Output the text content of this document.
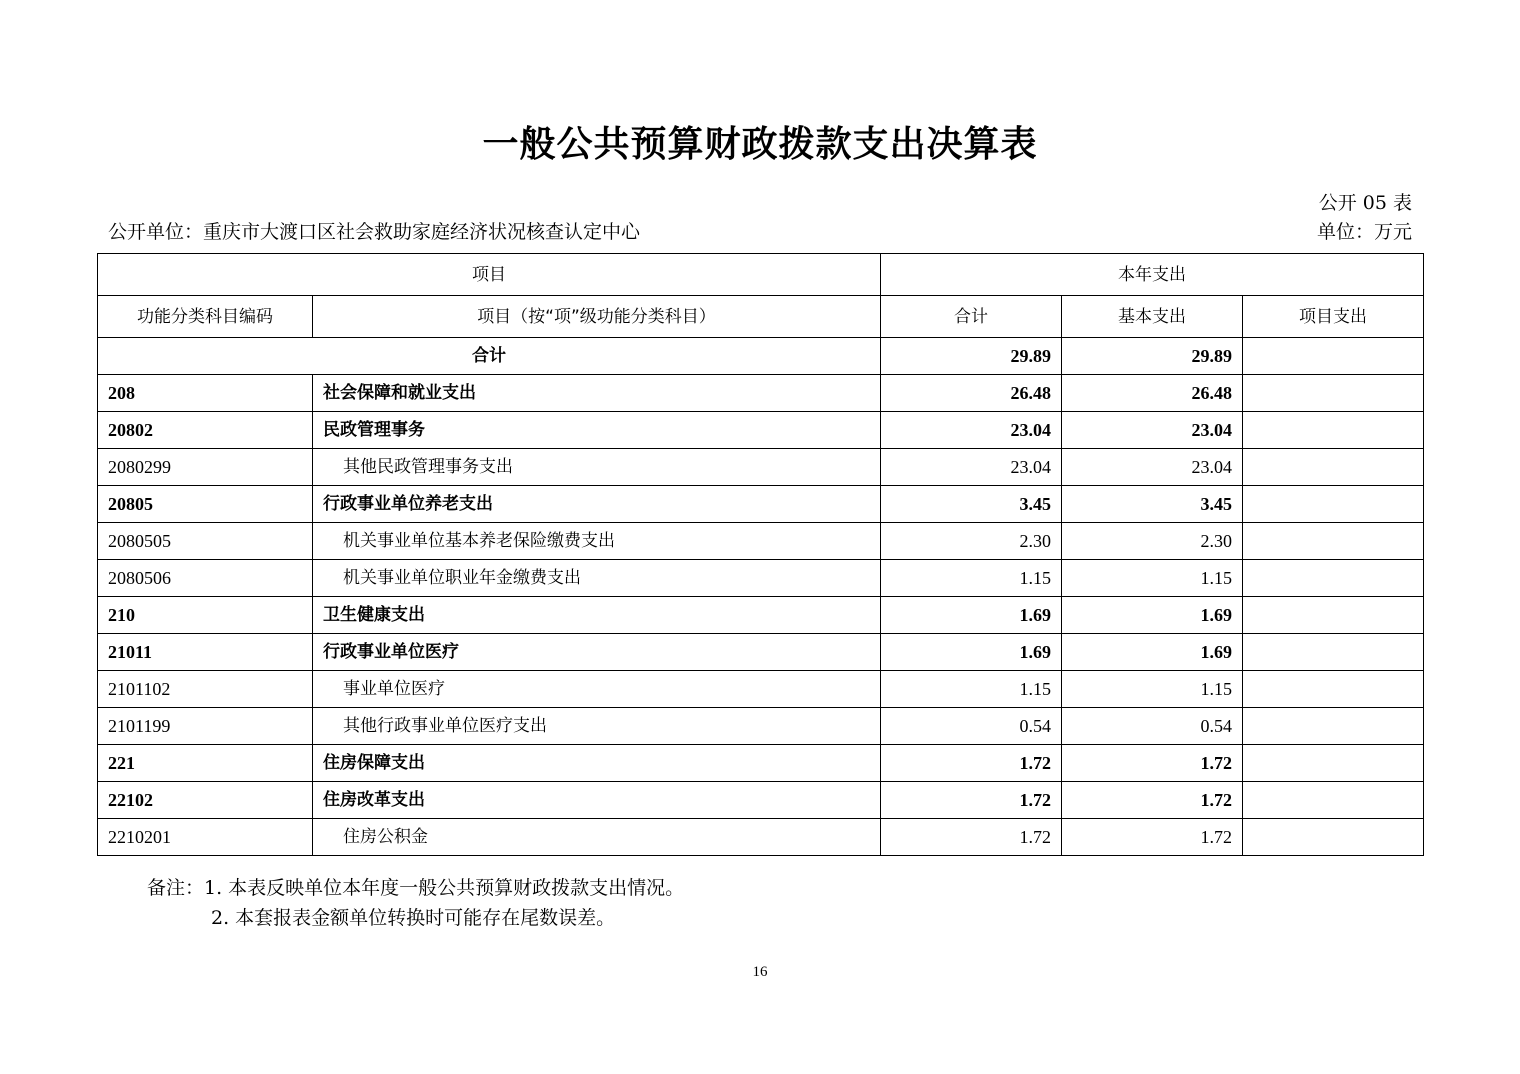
一般公共预算财政拨款支出决算表
公开 05 表
公开单位：重庆市大渡口区社会救助家庭经济状况核查认定中心	单位：万元
项目		本年支出		
功能分类科目编码	项目（按“项”级功能分类科目）	合计	基本支出	项目支出
合计		29.89	29.89	
208	社会保障和就业支出	26.48	26.48	
20802	民政管理事务	23.04	23.04	
2080299	其他民政管理事务支出	23.04	23.04	
20805	行政事业单位养老支出	3.45	3.45	
2080505	机关事业单位基本养老保险缴费支出	2.30	2.30	
2080506	机关事业单位职业年金缴费支出	1.15	1.15	
210	卫生健康支出	1.69	1.69	
21011	行政事业单位医疗	1.69	1.69	
2101102	事业单位医疗	1.15	1.15	
2101199	其他行政事业单位医疗支出	0.54	0.54	
221	住房保障支出	1.72	1.72	
22102	住房改革支出	1.72	1.72	
2210201	住房公积金	1.72	1.72	
备注：1. 本表反映单位本年度一般公共预算财政拨款支出情况。
2. 本套报表金额单位转换时可能存在尾数误差。
16
